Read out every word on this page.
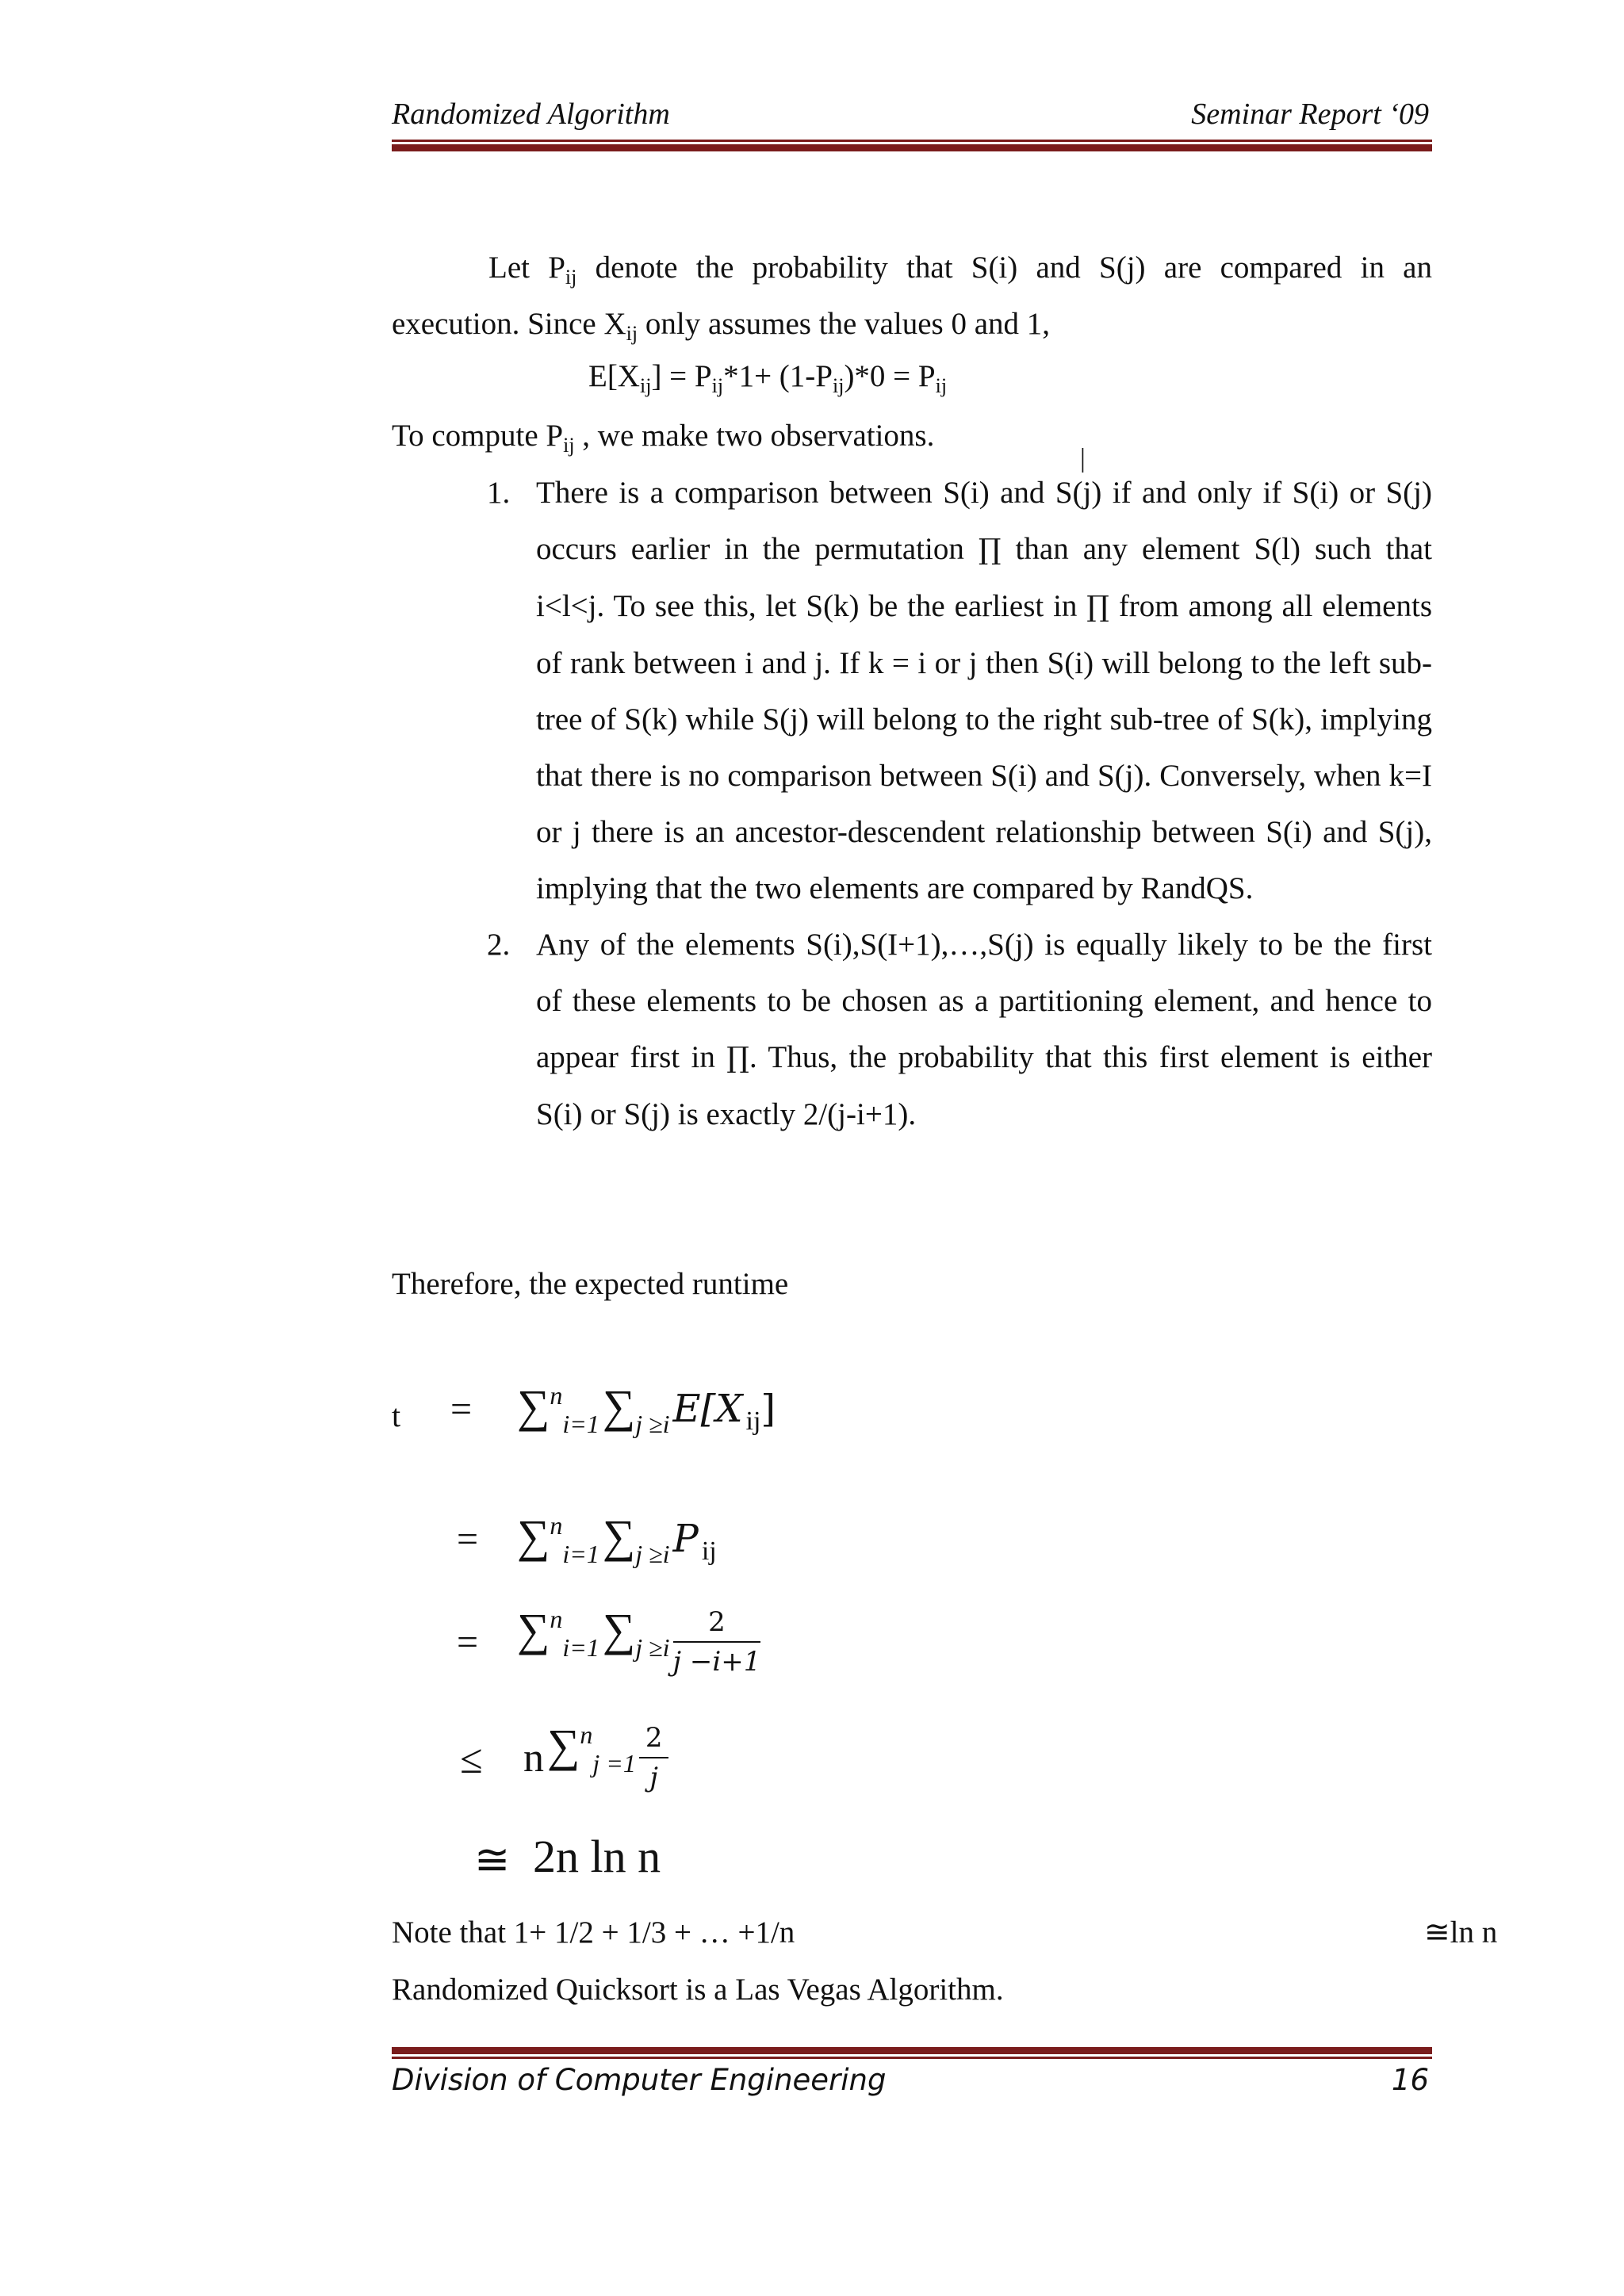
Randomized Algorithm	Seminar Report ‘09
Let $P_{ij}$ denote the probability that S(i) and S(j) are compared in an execution. Since $X_{ij}$ only assumes the values 0 and 1,
$E[X_{ij}] = P_{ij}*1+ (1-P_{ij})*0 = P_{ij}$
To compute $P_{ij}$ , we make two observations.
|
1. There is a comparison between S(i) and S(j) if and only if S(i) or S(j) occurs earlier in the permutation ∏ than any element S(l) such that i<l<j. To see this, let S(k) be the earliest in ∏ from among all elements of rank between i and j. If k = i or j then S(i) will belong to the left sub-tree of S(k) while S(j) will belong to the right sub-tree of S(k), implying that there is no comparison between S(i) and S(j). Conversely, when k=I or j there is an ancestor-descendent relationship between S(i) and S(j), implying that the two elements are compared by RandQS.
2. Any of the elements S(i),S(I+1),…,S(j) is equally likely to be the first of these elements to be chosen as a partitioning element, and hence to appear first in ∏. Thus, the probability that this first element is either S(i) or S(j) is exactly 2/(j-i+1).
Therefore, the expected runtime
t = ∑ni=1 ∑j ≥i E[X ij]
= ∑ni=1 ∑j ≥i P ij
= ∑ni=1 $\sum j \ge i \frac{2}{j -i+1}$
≤ n $\sum nj =1 \frac{2}{j}$
≅ 2n ln n
Note that 1+ 1/2 + 1/3 + … +1/n	≅ln n
Randomized Quicksort is a Las Vegas Algorithm.
Division of Computer Engineering	16
